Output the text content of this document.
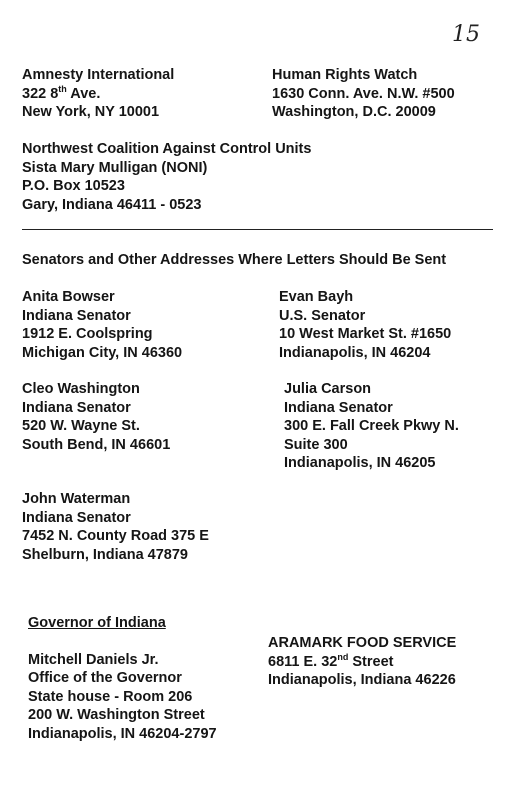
15
Amnesty International
322 8th Ave.
New York, NY 10001
Human Rights Watch
1630 Conn. Ave. N.W. #500
Washington, D.C. 20009
Northwest Coalition Against Control Units
Sista Mary Mulligan (NONI)
P.O. Box 10523
Gary, Indiana 46411 - 0523
Senators and Other Addresses Where Letters Should Be Sent
Anita Bowser
Indiana Senator
1912 E. Coolspring
Michigan City, IN 46360
Evan Bayh
U.S. Senator
10 West Market St. #1650
Indianapolis, IN 46204
Cleo Washington
Indiana Senator
520 W. Wayne St.
South Bend, IN 46601
Julia Carson
Indiana Senator
300 E. Fall Creek Pkwy N.
Suite 300
Indianapolis, IN 46205
John Waterman
Indiana Senator
7452 N. County Road 375 E
Shelburn, Indiana 47879
Governor of Indiana
Mitchell Daniels Jr.
Office of the Governor
State house - Room 206
200 W. Washington Street
Indianapolis, IN 46204-2797
ARAMARK FOOD SERVICE
6811 E. 32nd Street
Indianapolis, Indiana 46226
